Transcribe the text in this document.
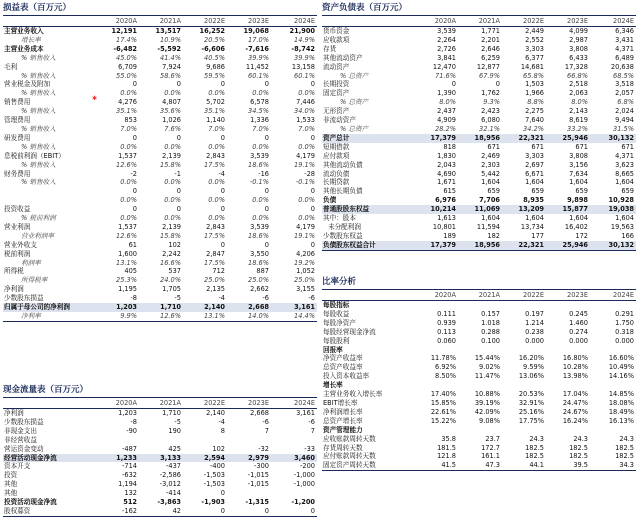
损益表（百万元）
	2020A	2021A	2022E	2023E	2024E
主营业务收入	12,191	13,517	16,252	19,068	21,900
增长率	17.4%	10.9%	20.5%	17.0%	14.9%
主营业务成本	-6,482	-5,592	-6,606	-7,616	-8,742
% 销售收入	45.0%	41.4%	40.5%	39.9%	39.9%
毛利	6,709	7,924	9,686	11,452	13,158
% 销售收入	55.0%	58.6%	59.5%	60.1%	60.1%
营业税金及附加	0	0	0	0	0
% 销售收入	0.0%	0.0%	0.0%	0.0%	0.0%
销售费用	4,276	4,807	5,702	6,578	7,446
% 销售收入	35.1%	35.6%	35.1%	34.5%	34.0%
管理费用	853	1,026	1,140	1,336	1,533
% 销售收入	7.0%	7.6%	7.0%	7.0%	7.0%
研发费用	0	0	0	0	0
% 销售收入	0.0%	0.0%	0.0%	0.0%	0.0%
息税前利润（EBIT）	1,537	2,139	2,843	3,539	4,179
% 销售收入	12.6%	15.8%	17.5%	18.6%	19.1%
财务费用	-2	-1	-4	-16	-28
% 销售收入	0.0%	0.0%	0.0%	-0.1%	-0.1%
	0	0	0	0	0
	0.0%	0.0%	0.0%	0.0%	0.0%
投资收益	0	0	0	0	0
% 税前利润	0.0%	0.0%	0.0%	0.0%	0.0%
营业利润	1,537	2,139	2,843	3,539	4,179
营业利润率	12.6%	15.8%	17.5%	18.6%	19.1%
营业外收支	61	102	0	0	0
税前利润	1,600	2,242	2,847	3,550	4,206
利润率	13.1%	16.6%	17.5%	18.6%	19.2%
所得税	405	537	712	887	1,052
所得税率	25.3%	24.0%	25.0%	25.0%	25.0%
净利润	1,195	1,705	2,135	2,662	3,155
少数股东损益	-8	-5	-4	-6	-6
归属于母公司的净利润	1,203	1,710	2,140	2,668	3,161
净利率	9.9%	12.6%	13.1%	14.0%	14.4%
现金流量表（百万元）
	2020A	2021A	2022E	2023E	2024E
净利润	1,203	1,710	2,140	2,668	3,161
少数股东损益	-8	-5	-4	-6	-6
非现金支出	-90	190	8	7	7
非经营收益					
营运资金变动	-487	425	102	-32	-33
经营活动现金净流	1,233	3,133	2,594	2,979	3,460
资本开支	-714	-437	-400	-300	-200
投资	-632	-2,586	-1,503	-1,015	-1,000
其他	1,194	-3,012	-1,503	-1,015	-1,000
其他	132	-414	0		
投资活动现金净流	512	-3,863	-1,903	-1,315	-1,200
股权募资	-162	42	0	0	0
资产负债表（百万元）
	2020A	2021A	2022E	2023E	2024E
货币资金	3,539	1,771	2,449	4,099	6,346
应收款项	2,264	2,201	2,552	2,987	3,431
存货	2,726	2,646	3,303	3,808	4,371
其他流动资产	3,841	6,259	6,377	6,433	6,489
流动资产	12,470	12,877	14,681	17,328	20,638
% 总资产	71.6%	67.9%	65.8%	66.8%	68.5%
长期投资	0	0	1,503	2,518	3,518
固定资产	1,390	1,762	1,966	2,063	2,057
% 总资产	8.0%	9.3%	8.8%	8.0%	6.8%
无形资产	2,437	2,423	2,275	2,143	2,024
非流动资产	4,909	6,080	7,640	8,619	9,494
% 总资产	28.2%	32.1%	34.2%	33.2%	31.5%
资产总计	17,379	18,956	22,321	25,946	30,132
短期借款	818	671	671	671	671
应付款项	1,830	2,469	3,303	3,808	4,371
其他流动负债	2,043	2,303	2,697	3,156	3,623
流动负债	4,690	5,442	6,671	7,634	8,665
长期贷款	1,671	1,604	1,604	1,604	1,604
其他长期负债	615	659	659	659	659
负债	6,976	7,706	8,935	9,898	10,928
普通股股东权益	10,214	11,069	13,209	15,877	19,038
其中：股本	1,613	1,604	1,604	1,604	1,604
未分配利润	10,801	11,594	13,734	16,402	19,563
少数股东权益	189	182	177	172	166
负债股东权益合计	17,379	18,956	22,321	25,946	30,132
比率分析
	2020A	2021A	2022E	2023E	2024E
每股指标					
每股收益	0.111	0.157	0.197	0.245	0.291
每股净资产	0.939	1.018	1.214	1.460	1.750
每股经营现金净流	0.113	0.288	0.238	0.274	0.318
每股股利	0.060	0.100	0.000	0.000	0.000
回报率					
净资产收益率	11.78%	15.44%	16.20%	16.80%	16.60%
总资产收益率	6.92%	9.02%	9.59%	10.28%	10.49%
投入资本收益率	8.50%	11.47%	13.06%	13.98%	14.16%
增长率					
主营业务收入增长率	17.40%	10.88%	20.53%	17.04%	14.85%
EBIT增长率	15.85%	39.19%	32.91%	24.47%	18.08%
净利润增长率	22.61%	42.09%	25.16%	24.67%	18.49%
总资产增长率	15.22%	9.08%	17.75%	16.24%	16.13%
资产管理能力					
应收账款周转天数	35.8	23.7	24.3	24.3	24.3
存货周转天数	181.5	172.7	182.5	182.5	182.5
应付账款周转天数	121.8	161.1	182.5	182.5	182.5
固定资产周转天数	41.5	47.3	44.1	39.5	34.3
✱
